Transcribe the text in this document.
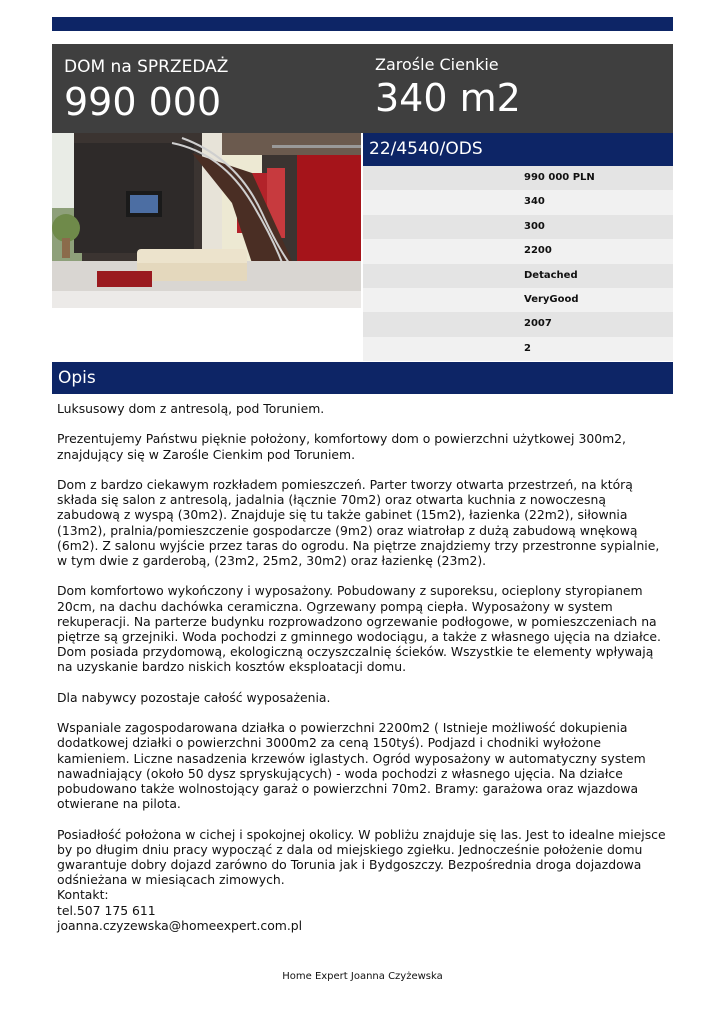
DOM na SPRZEDAŻ
990 000
Zarośle Cienkie
340 m2
22/4540/ODS
990 000 PLN
340
300
2200
Detached
VeryGood
2007
2
Opis

Luksusowy dom z antresolą, pod Toruniem.

Prezentujemy Państwu pięknie położony, komfortowy dom o powierzchni użytkowej 300m2, znajdujący się w Zarośle Cienkim pod Toruniem.

Dom z bardzo ciekawym rozkładem pomieszczeń. Parter tworzy otwarta przestrzeń, na którą składa się salon z antresolą, jadalnia (łącznie 70m2) oraz otwarta kuchnia z nowoczesną zabudową z wyspą (30m2). Znajduje się tu także gabinet (15m2), łazienka (22m2), siłownia (13m2), pralnia/pomieszczenie gospodarcze (9m2) oraz wiatrołap z dużą zabudową wnękową (6m2). Z salonu wyjście przez taras do ogrodu. Na piętrze znajdziemy trzy przestronne sypialnie, w tym dwie z garderobą, (23m2, 25m2, 30m2) oraz łazienkę (23m2).

Dom komfortowo wykończony i wyposażony. Pobudowany z suporeksu, ocieplony styropianem 20cm, na dachu dachówka ceramiczna. Ogrzewany pompą ciepła. Wyposażony w system rekuperacji. Na parterze budynku rozprowadzono ogrzewanie podłogowe, w pomieszczeniach na piętrze są grzejniki. Woda pochodzi z gminnego wodociągu, a także z własnego ujęcia na działce. Dom posiada przydomową, ekologiczną oczyszczalnię ścieków. Wszystkie te elementy wpływają na uzyskanie bardzo niskich kosztów eksploatacji domu.

Dla nabywcy pozostaje całość wyposażenia.

Wspaniale zagospodarowana działka o powierzchni 2200m2 ( Istnieje możliwość dokupienia dodatkowej działki o powierzchni 3000m2 za ceną 150tyś). Podjazd i chodniki wyłożone kamieniem. Liczne nasadzenia krzewów iglastych. Ogród wyposażony w automatyczny system nawadniający (około 50 dysz spryskujących) - woda pochodzi z własnego ujęcia. Na działce pobudowano także wolnostojący garaż o powierzchni 70m2. Bramy: garażowa oraz wjazdowa otwierane na pilota.

Posiadłość położona w cichej i spokojnej okolicy. W pobliżu znajduje się las. Jest to idealne miejsce by po długim dniu pracy wypocząć z dala od miejskiego zgiełku. Jednocześnie położenie domu gwarantuje dobry dojazd zarówno do Torunia jak i Bydgoszczy. Bezpośrednia droga dojazdowa odśnieżana w miesiącach zimowych.
Kontakt:
tel.507 175 611
joanna.czyzewska@homeexpert.com.pl

Home Expert Joanna Czyżewska
